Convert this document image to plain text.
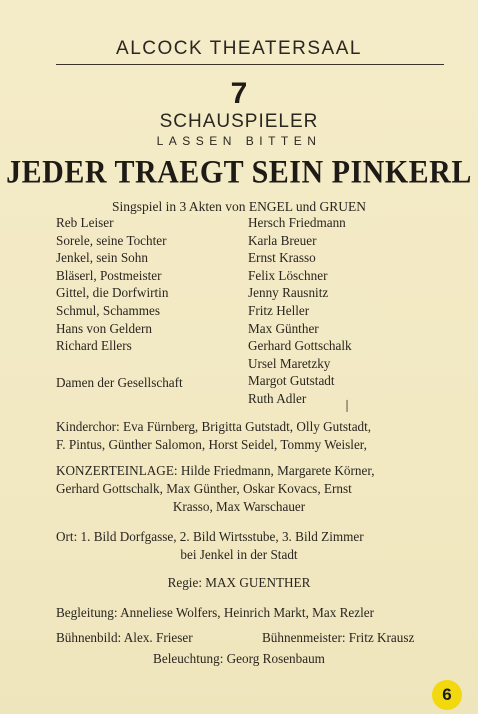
ALCOCK THEATERSAAL
7
SCHAUSPIELER
LASSEN BITTEN
JEDER TRAEGT SEIN PINKERL
Singspiel in 3 Akten von ENGEL und GRUEN
Reb Leiser
Sorele, seine Tochter
Jenkel, sein Sohn
Bläserl, Postmeister
Gittel, die Dorfwirtin
Schmul, Schammes
Hans von Geldern
Richard Ellers

Damen der Gesellschaft
Hersch Friedmann
Karla Breuer
Ernst Krasso
Felix Löschner
Jenny Rausnitz
Fritz Heller
Max Günther
Gerhard Gottschalk
Ursel Maretzky
Margot Gutstadt
Ruth Adler	❘
Kinderchor: Eva Fürnberg, Brigitta Gutstadt, Olly Gutstadt,
F. Pintus, Günther Salomon, Horst Seidel, Tommy Weisler,
KONZERTEINLAGE: Hilde Friedmann, Margarete Körner,
Gerhard Gottschalk, Max Günther, Oskar Kovacs, Ernst
Krasso, Max Warschauer
Ort: 1. Bild Dorfgasse, 2. Bild Wirtsstube, 3. Bild Zimmer
bei Jenkel in der Stadt
Regie: MAX GUENTHER
Begleitung: Anneliese Wolfers, Heinrich Markt, Max Rezler
Bühnenbild: Alex. Frieser	Bühnenmeister: Fritz Krausz
Beleuchtung: Georg Rosenbaum
6
